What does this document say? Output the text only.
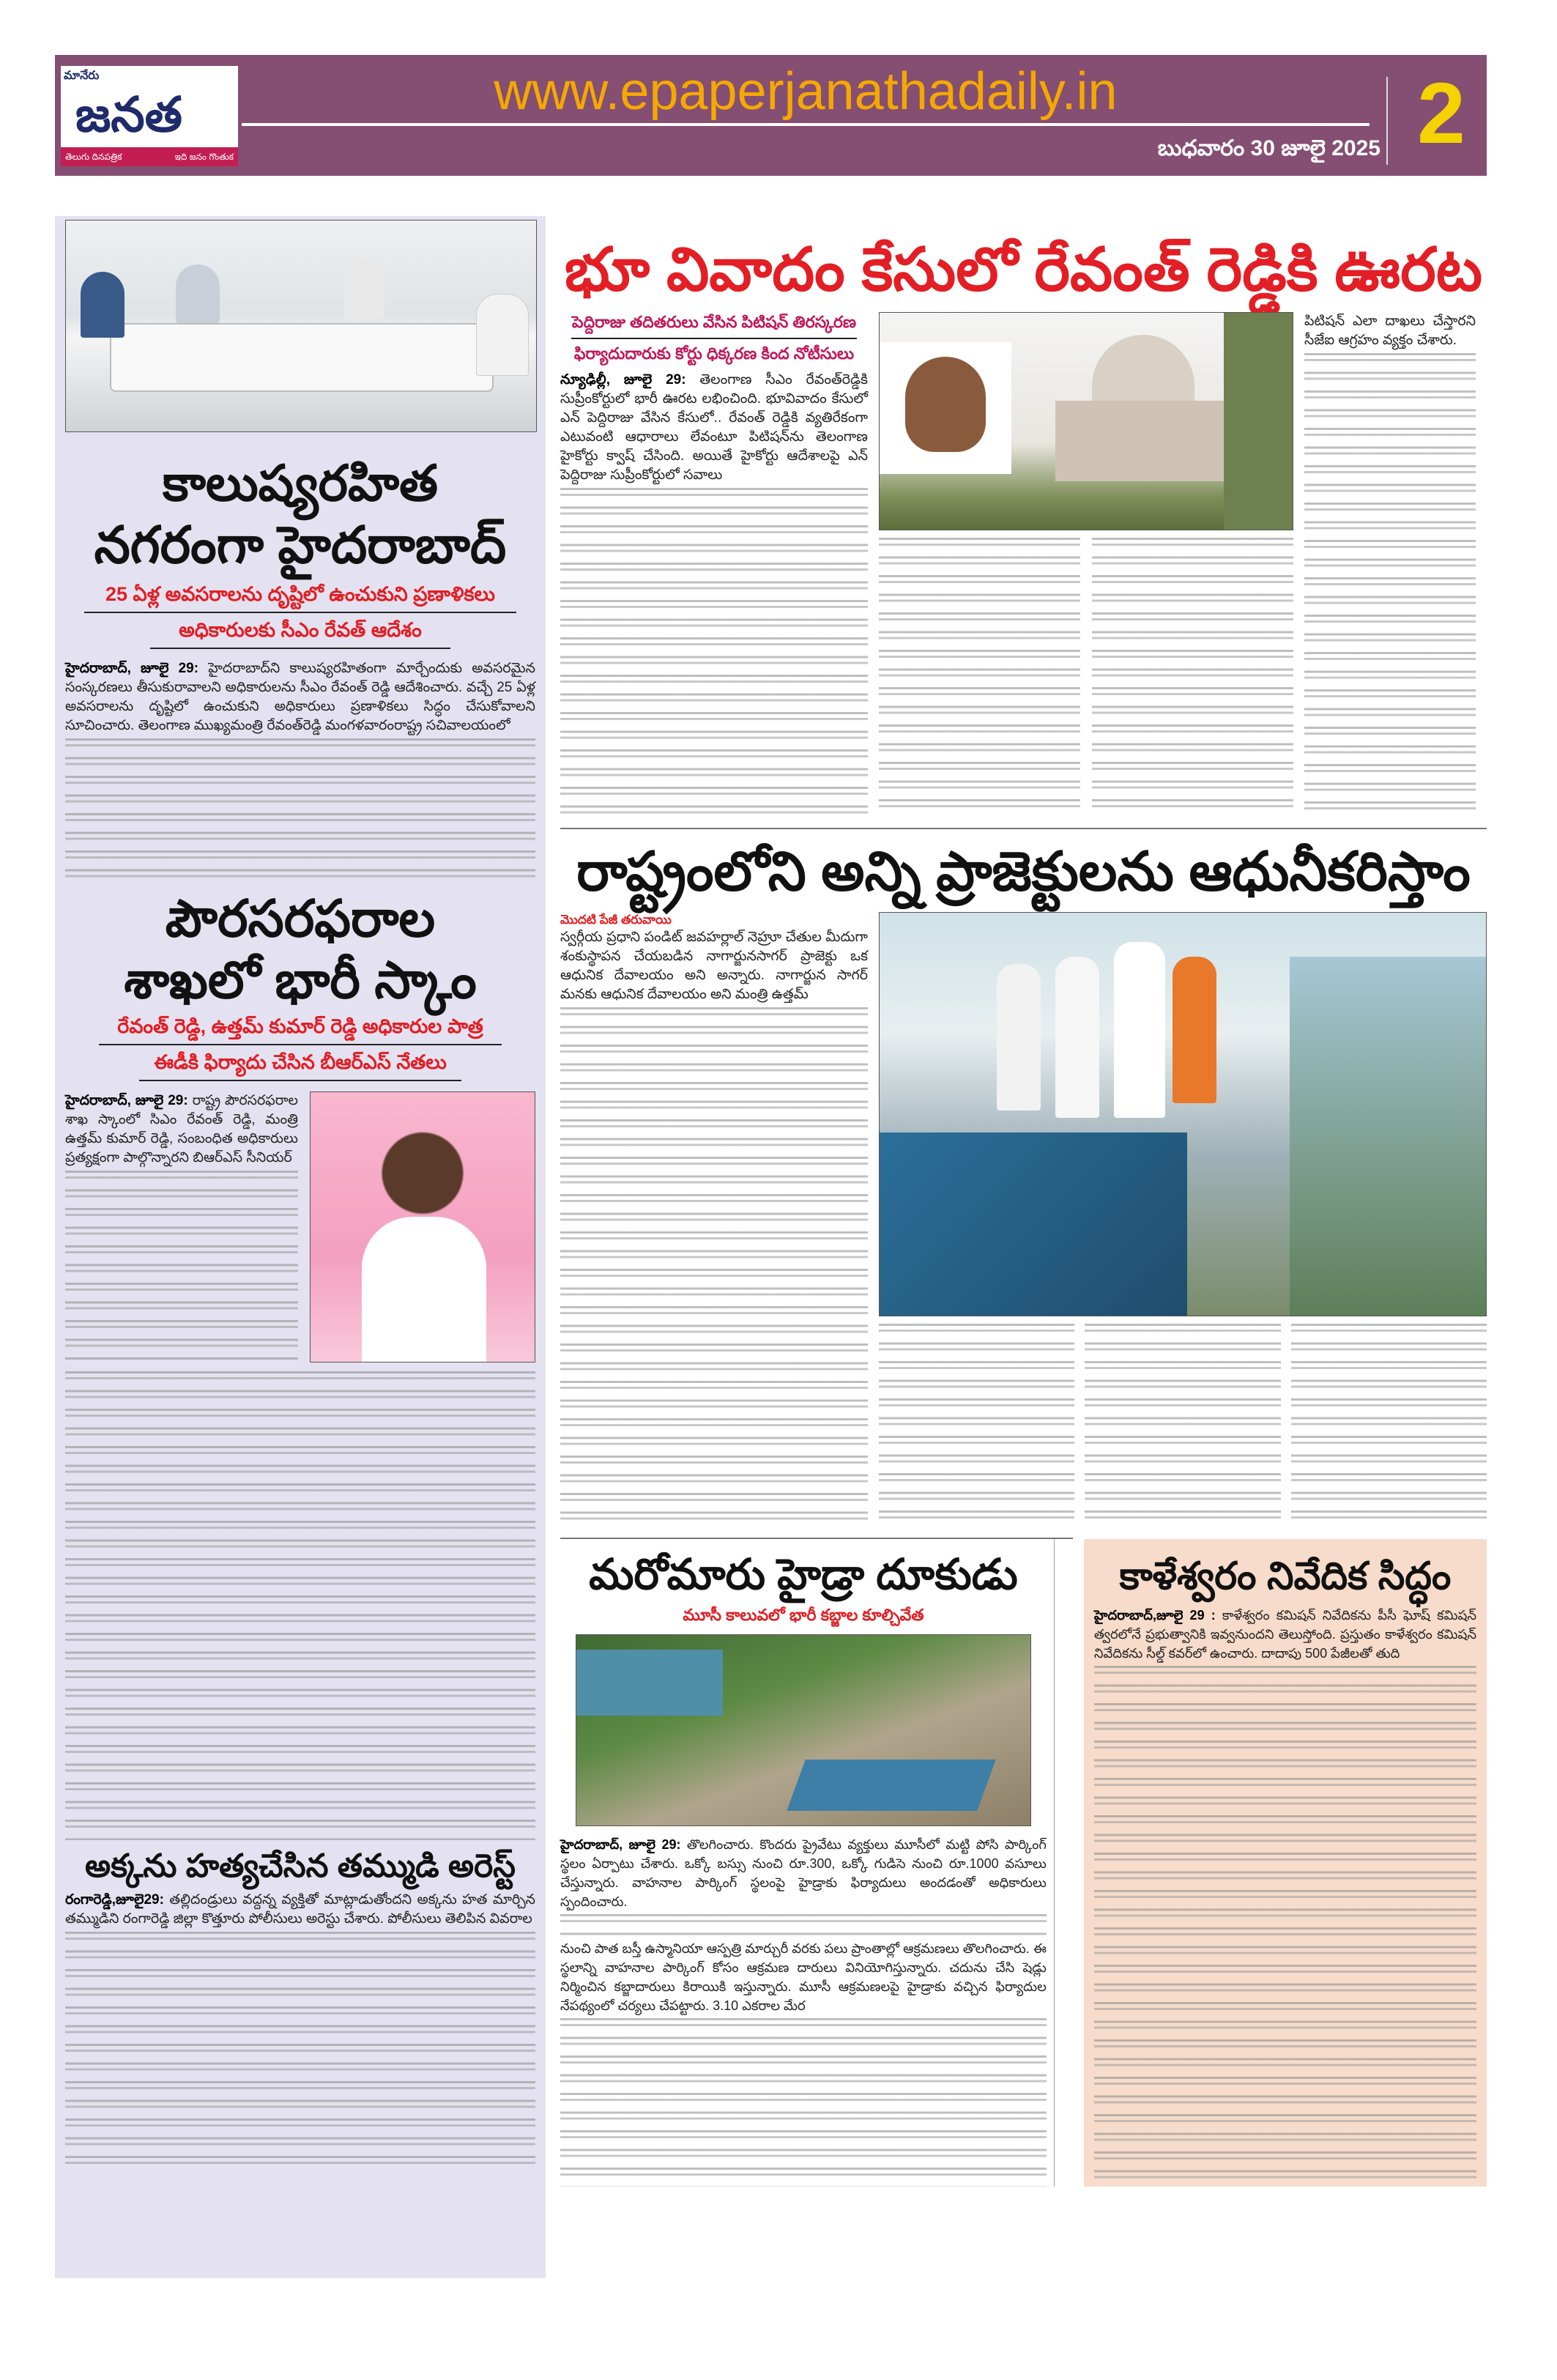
మానేరు
జనత
తెలుగు దినపత్రిక	ఇది జనం గొంతుక
www.epaperjanathadaily.in
బుధవారం 30 జూలై 2025 2
కాలుష్యరహిత
నగరంగా హైదరాబాద్
25 ఏళ్ల అవసరాలను దృష్టిలో ఉంచుకుని ప్రణాళికలు
అధికారులకు సీఎం రేవత్ ఆదేశం

హైదరాబాద్, జూలై 29: హైదరాబాద్‌ని కాలుష్యరహితంగా మార్చేందుకు అవసరమైన సంస్కరణలు తీసుకురావాలని అధికారులను సీఎం రేవంత్ రెడ్డి ఆదేశించారు. వచ్చే 25 ఏళ్ల అవసరాలను దృష్టిలో ఉంచుకుని అధికారులు ప్రణాళికలు సిద్ధం చేసుకోవాలని సూచించారు. తెలంగాణ ముఖ్యమంత్రి రేవంత్‌రెడ్డి మంగళవారంరాష్ట్ర సచివాలయంలో

పౌరసరఫరాల
శాఖలో భారీ స్కాం
రేవంత్ రెడ్డి, ఉత్తమ్ కుమార్ రెడ్డి అధికారుల పాత్ర
ఈడీకి ఫిర్యాదు చేసిన బీఆర్ఎస్ నేతలు

హైదరాబాద్, జూలై 29: రాష్ట్ర పౌరసరఫరాల శాఖ స్కాంలో సిఎం రేవంత్ రెడ్డి, మంత్రి ఉత్తమ్ కుమార్ రెడ్డి, సంబంధిత అధికారులు ప్రత్యక్షంగా పాల్గొన్నారని బిఆర్ఎస్ సీనియర్

అక్కను హత్యచేసిన తమ్ముడి అరెస్ట్

రంగారెడ్డి,జూలై29: తల్లిదండ్రులు వద్దన్న వ్యక్తితో మాట్లాడుతోందని అక్కను హత మార్చిన తమ్ముడిని రంగారెడ్డి జిల్లా కొత్తూరు పోలీసులు అరెస్టు చేశారు. పోలీసులు తెలిపిన వివరాల

భూ వివాదం కేసులో రేవంత్ రెడ్డికి ఊరట
పెద్దిరాజు తదితరులు వేసిన పిటిషన్ తిరస్కరణ
ఫిర్యాదుదారుకు కోర్టు ధిక్కరణ కింద నోటీసులు

న్యూఢిల్లీ, జూలై 29: తెలంగాణ సీఎం రేవంత్‌రెడ్డికి సుప్రీంకోర్టులో భారీ ఊరట లభించింది. భూవివాదం కేసులో ఎన్ పెద్దిరాజు వేసిన కేసులో.. రేవంత్ రెడ్డికి వ్యతిరేకంగా ఎటువంటి ఆధారాలు లేవంటూ పిటిషన్‌ను తెలంగాణ హైకోర్టు క్వాష్ చేసింది. అయితే హైకోర్టు ఆదేశాలపై ఎన్ పెద్దిరాజు సుప్రీంకోర్టులో సవాలు

పిటిషన్ ఎలా దాఖలు చేస్తారని సీజేఐ ఆగ్రహం వ్యక్తం చేశారు.

రాష్ట్రంలోని అన్ని ప్రాజెక్టులను ఆధునీకరిస్తాం
మొదటి పేజీ తరువాయి

స్వర్గీయ ప్రధాని పండిట్ జవహర్లాల్ నెహ్రూ చేతుల మీదుగా శంకుస్థాపన చేయబడిన నాగార్జునసాగర్ ప్రాజెక్టు ఒక ఆధునిక దేవాలయం అని అన్నారు. నాగార్జున సాగర్ మనకు ఆధునిక దేవాలయం అని మంత్రి ఉత్తమ్

మరోమారు హైడ్రా దూకుడు
మూసీ కాలువలో భారీ కబ్జాల కూల్చివేత

హైదరాబాద్, జూలై 29: తొలగించారు. కొందరు ప్రైవేటు వ్యక్తులు మూసీలో మట్టి పోసి పార్కింగ్ స్థలం ఏర్పాటు చేశారు. ఒక్కో బస్సు నుంచి రూ.300, ఒక్కో గుడిసె నుంచి రూ.1000 వసూలు చేస్తున్నారు. వాహనాల పార్కింగ్ స్థలంపై హైడ్రాకు ఫిర్యాదులు అందడంతో అధికారులు స్పందించారు.

నుంచి పాత బస్తీ ఉస్మానియా ఆస్పత్రి మార్చురీ వరకు పలు ప్రాంతాల్లో ఆక్రమణలు తొలగించారు. ఈ స్థలాన్ని వాహనాల పార్కింగ్ కోసం ఆక్రమణ దారులు వినియోగిస్తున్నారు. చదును చేసి షెడ్లు నిర్మించిన కబ్జాదారులు కిరాయికి ఇస్తున్నారు. మూసీ ఆక్రమణలపై హైడ్రాకు వచ్చిన ఫిర్యాదుల నేపథ్యంలో చర్యలు చేపట్టారు. 3.10 ఎకరాల మేర

కాళేశ్వరం నివేదిక సిద్ధం

హైదరాబాద్,జూలై 29 : కాళేశ్వరం కమిషన్ నివేదికను పీసీ ఘోష్ కమిషన్ త్వరలోనే ప్రభుత్వానికి ఇవ్వనుందని తెలుస్తోంది. ప్రస్తుతం కాళేశ్వరం కమిషన్ నివేదికను సీల్డ్ కవర్‌లో ఉంచారు. దాదాపు 500 పేజీలతో తుది
